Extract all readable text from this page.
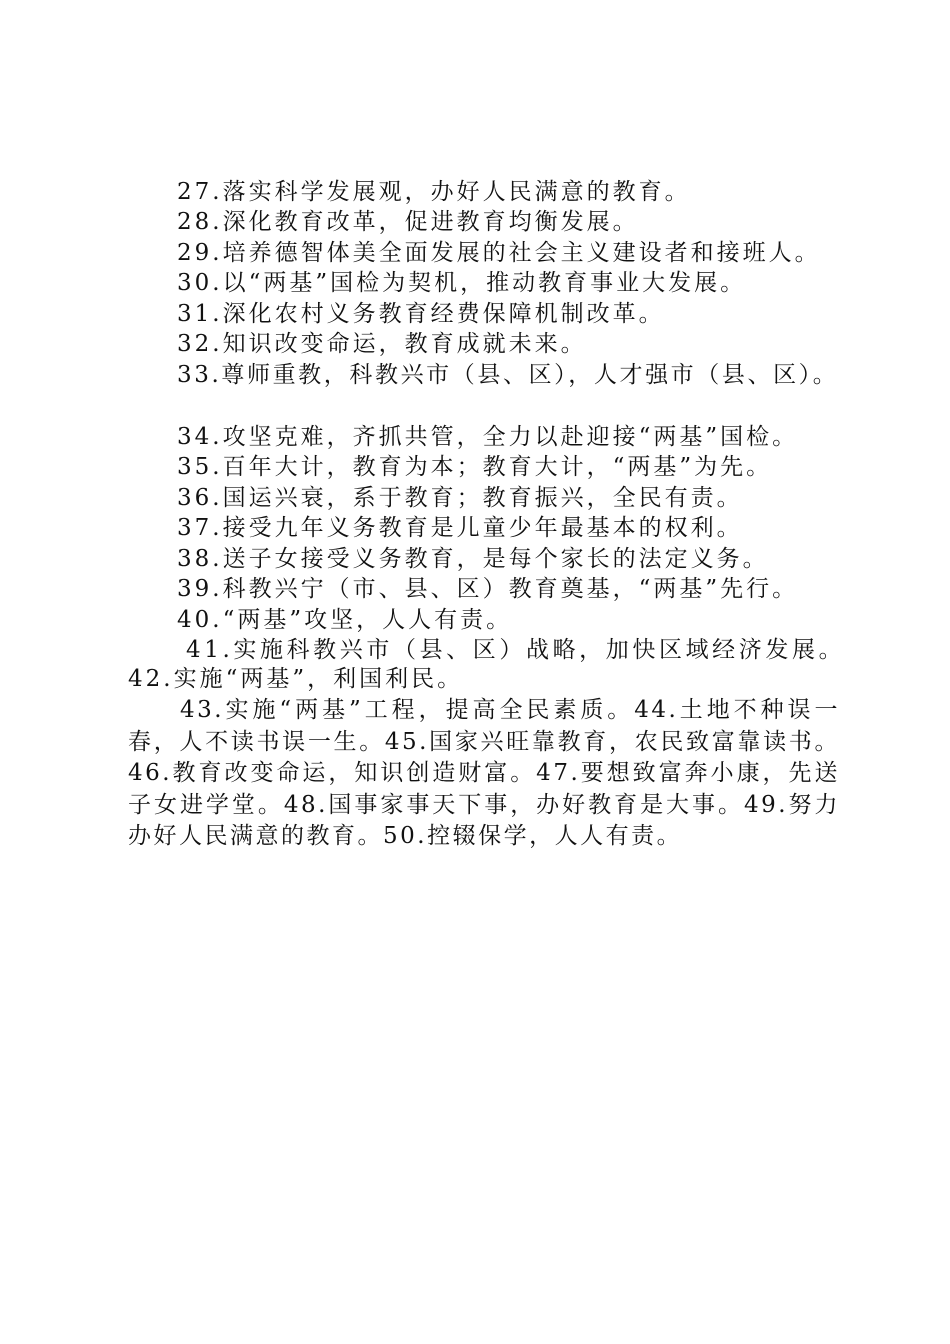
27.落实科学发展观，办好人民满意的教育。
28.深化教育改革，促进教育均衡发展。
29.培养德智体美全面发展的社会主义建设者和接班人。
30.以“两基”国检为契机，推动教育事业大发展。
31.深化农村义务教育经费保障机制改革。
32.知识改变命运，教育成就未来。
33.尊师重教，科教兴市（县、区），人才强市（县、区）。
34.攻坚克难，齐抓共管，全力以赴迎接“两基”国检。
35.百年大计，教育为本；教育大计，“两基”为先。
36.国运兴衰，系于教育；教育振兴，全民有责。
37.接受九年义务教育是儿童少年最基本的权利。
38.送子女接受义务教育，是每个家长的法定义务。
39.科教兴宁（市、县、区）教育奠基，“两基”先行。
40.“两基”攻坚，人人有责。
41.实施科教兴市（县、区）战略，加快区域经济发展。
42.实施“两基”，利国利民。
43.实施“两基”工程，提高全民素质。44.土地不种误一春，人不读书误一生。45.国家兴旺靠教育，农民致富靠读书。46.教育改变命运，知识创造财富。47.要想致富奔小康，先送子女进学堂。48.国事家事天下事，办好教育是大事。49.努力办好人民满意的教育。50.控辍保学，人人有责。
